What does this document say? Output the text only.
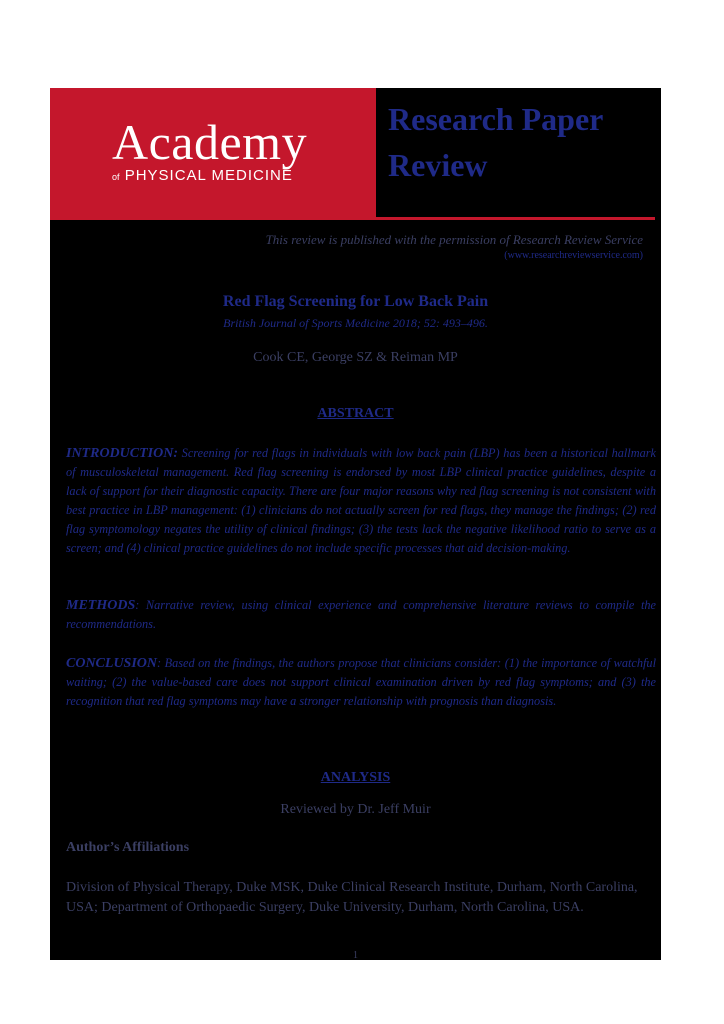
Academy
of PHYSICAL MEDICINE
Research Paper
Review
This review is published with the permission of Research Review Service
(www.researchreviewservice.com)
Red Flag Screening for Low Back Pain
British Journal of Sports Medicine 2018; 52: 493–496.
Cook CE, George SZ & Reiman MP
ABSTRACT
INTRODUCTION: Screening for red flags in individuals with low back pain (LBP) has been a historical hallmark of musculoskeletal management. Red flag screening is endorsed by most LBP clinical practice guidelines, despite a lack of support for their diagnostic capacity. There are four major reasons why red flag screening is not consistent with best practice in LBP management: (1) clinicians do not actually screen for red flags, they manage the findings; (2) red flag symptomology negates the utility of clinical findings; (3) the tests lack the negative likelihood ratio to serve as a screen; and (4) clinical practice guidelines do not include specific processes that aid decision-making.
METHODS: Narrative review, using clinical experience and comprehensive literature reviews to compile the recommendations.
CONCLUSION: Based on the findings, the authors propose that clinicians consider: (1) the importance of watchful waiting; (2) the value-based care does not support clinical examination driven by red flag symptoms; and (3) the recognition that red flag symptoms may have a stronger relationship with prognosis than diagnosis.
ANALYSIS
Reviewed by Dr. Jeff Muir
Author’s Affiliations
Division of Physical Therapy, Duke MSK, Duke Clinical Research Institute, Durham, North Carolina, USA; Department of Orthopaedic Surgery, Duke University, Durham, North Carolina, USA.
1
